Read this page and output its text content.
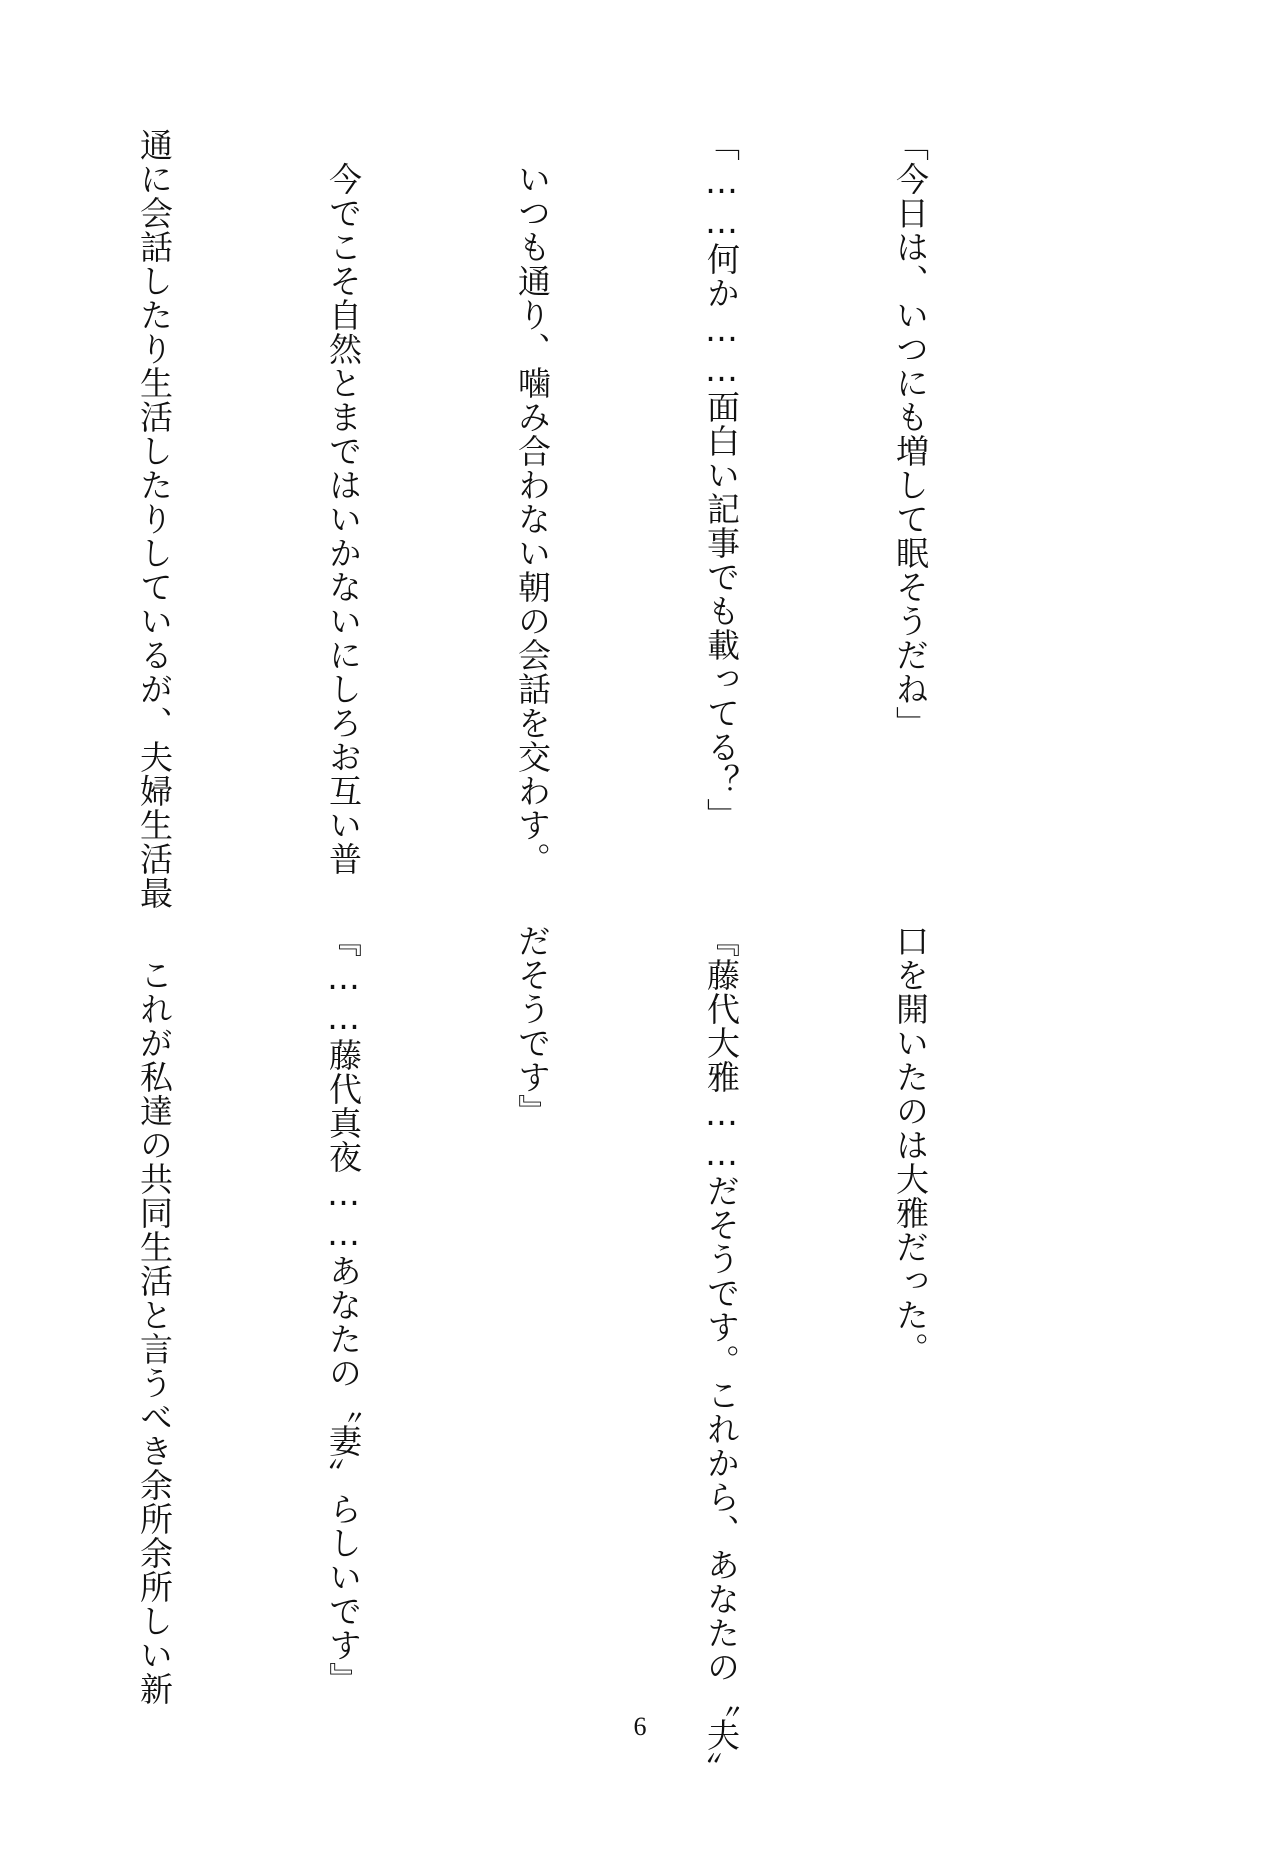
「今日は、いつにも増して眠そうだね」

「……何か……面白い記事でも載ってる？」

　いつも通り、噛み合わない朝の会話を交わす。

　今でこそ自然とまではいかないにしろお互い普

通に会話したり生活したりしているが、夫婦生活最

口を開いたのは大雅だった。

『藤代大雅……だそうです。これから、あなたの〝夫〟

だそうです』

『……藤代真夜……あなたの〝妻〟らしいです』

　これが私達の共同生活と言うべき余所余所しい新

6
